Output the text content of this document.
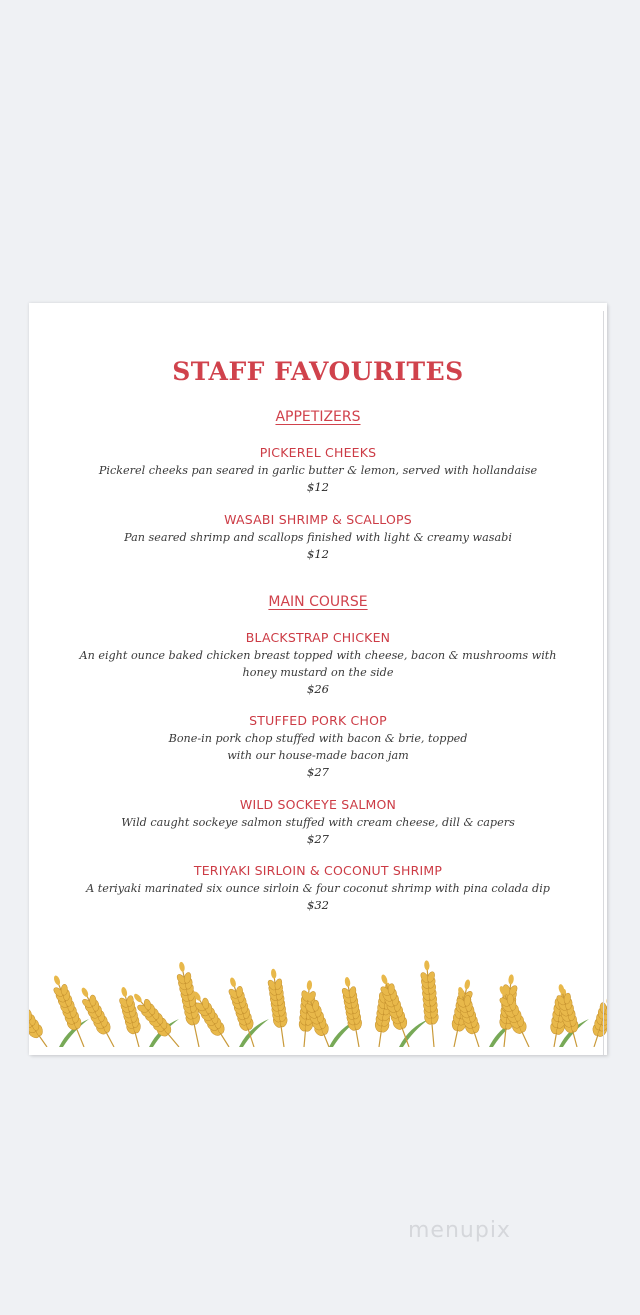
STAFF FAVOURITES
APPETIZERS
PICKEREL CHEEKS
Pickerel cheeks pan seared in garlic butter & lemon, served with hollandaise
$12
WASABI SHRIMP & SCALLOPS
Pan seared shrimp and scallops finished with light & creamy wasabi
$12
MAIN COURSE
BLACKSTRAP CHICKEN
An eight ounce baked chicken breast topped with cheese, bacon & mushrooms with honey mustard on the side
$26
STUFFED PORK CHOP
Bone-in pork chop stuffed with bacon & brie, topped with our house-made bacon jam
$27
WILD SOCKEYE SALMON
Wild caught sockeye salmon stuffed with cream cheese, dill & capers
$27
TERIYAKI SIRLOIN & COCONUT SHRIMP
A teriyaki marinated six ounce sirloin & four coconut shrimp with pina colada dip
$32
menupix
